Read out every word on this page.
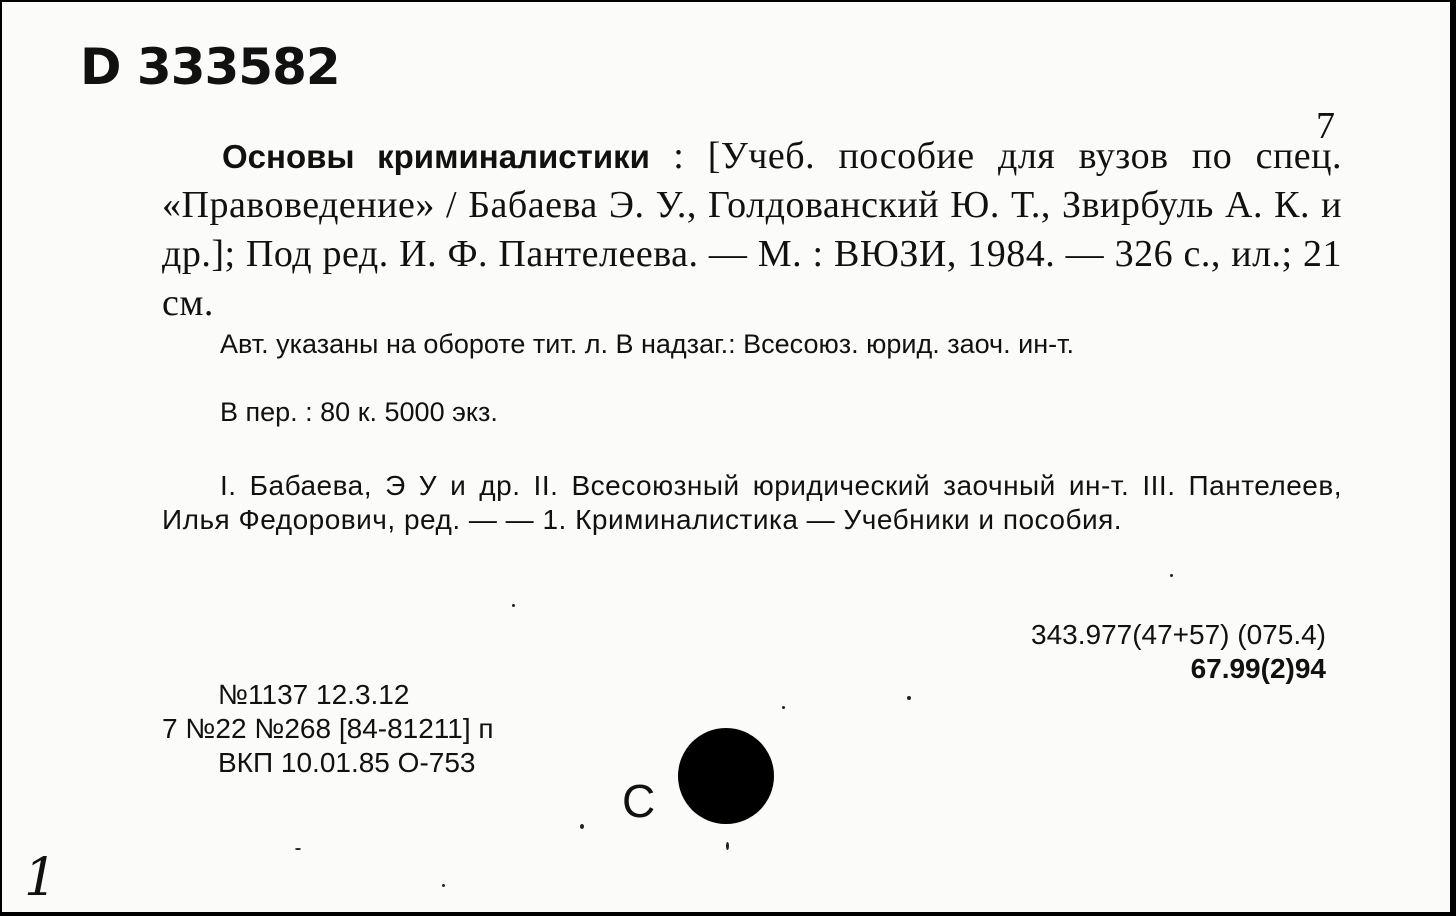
D 333582
7
Основы криминалистики : [Учеб. пособие для вузов по спец. «Правоведение» / Бабаева Э. У., Голдованский Ю. Т., Звирбуль А. К. и др.]; Под ред. И. Ф. Пантелеева. — М. : ВЮЗИ, 1984. — 326 с., ил.; 21 см.
Авт. указаны на обороте тит. л. В надзаг.: Всесоюз. юрид. заоч. ин-т.
В пер. : 80 к. 5000 экз.
I. Бабаева, Э У и др. II. Всесоюзный юридический заочный ин-т. III. Пантелеев, Илья Федорович, ред. — — 1. Криминалистика — Учебники и пособия.
343.977(47+57) (075.4)
67.99(2)94
№1137 12.3.12
7 №22 №268 [84-81211] п
ВКП 10.01.85 О-753
С
1
